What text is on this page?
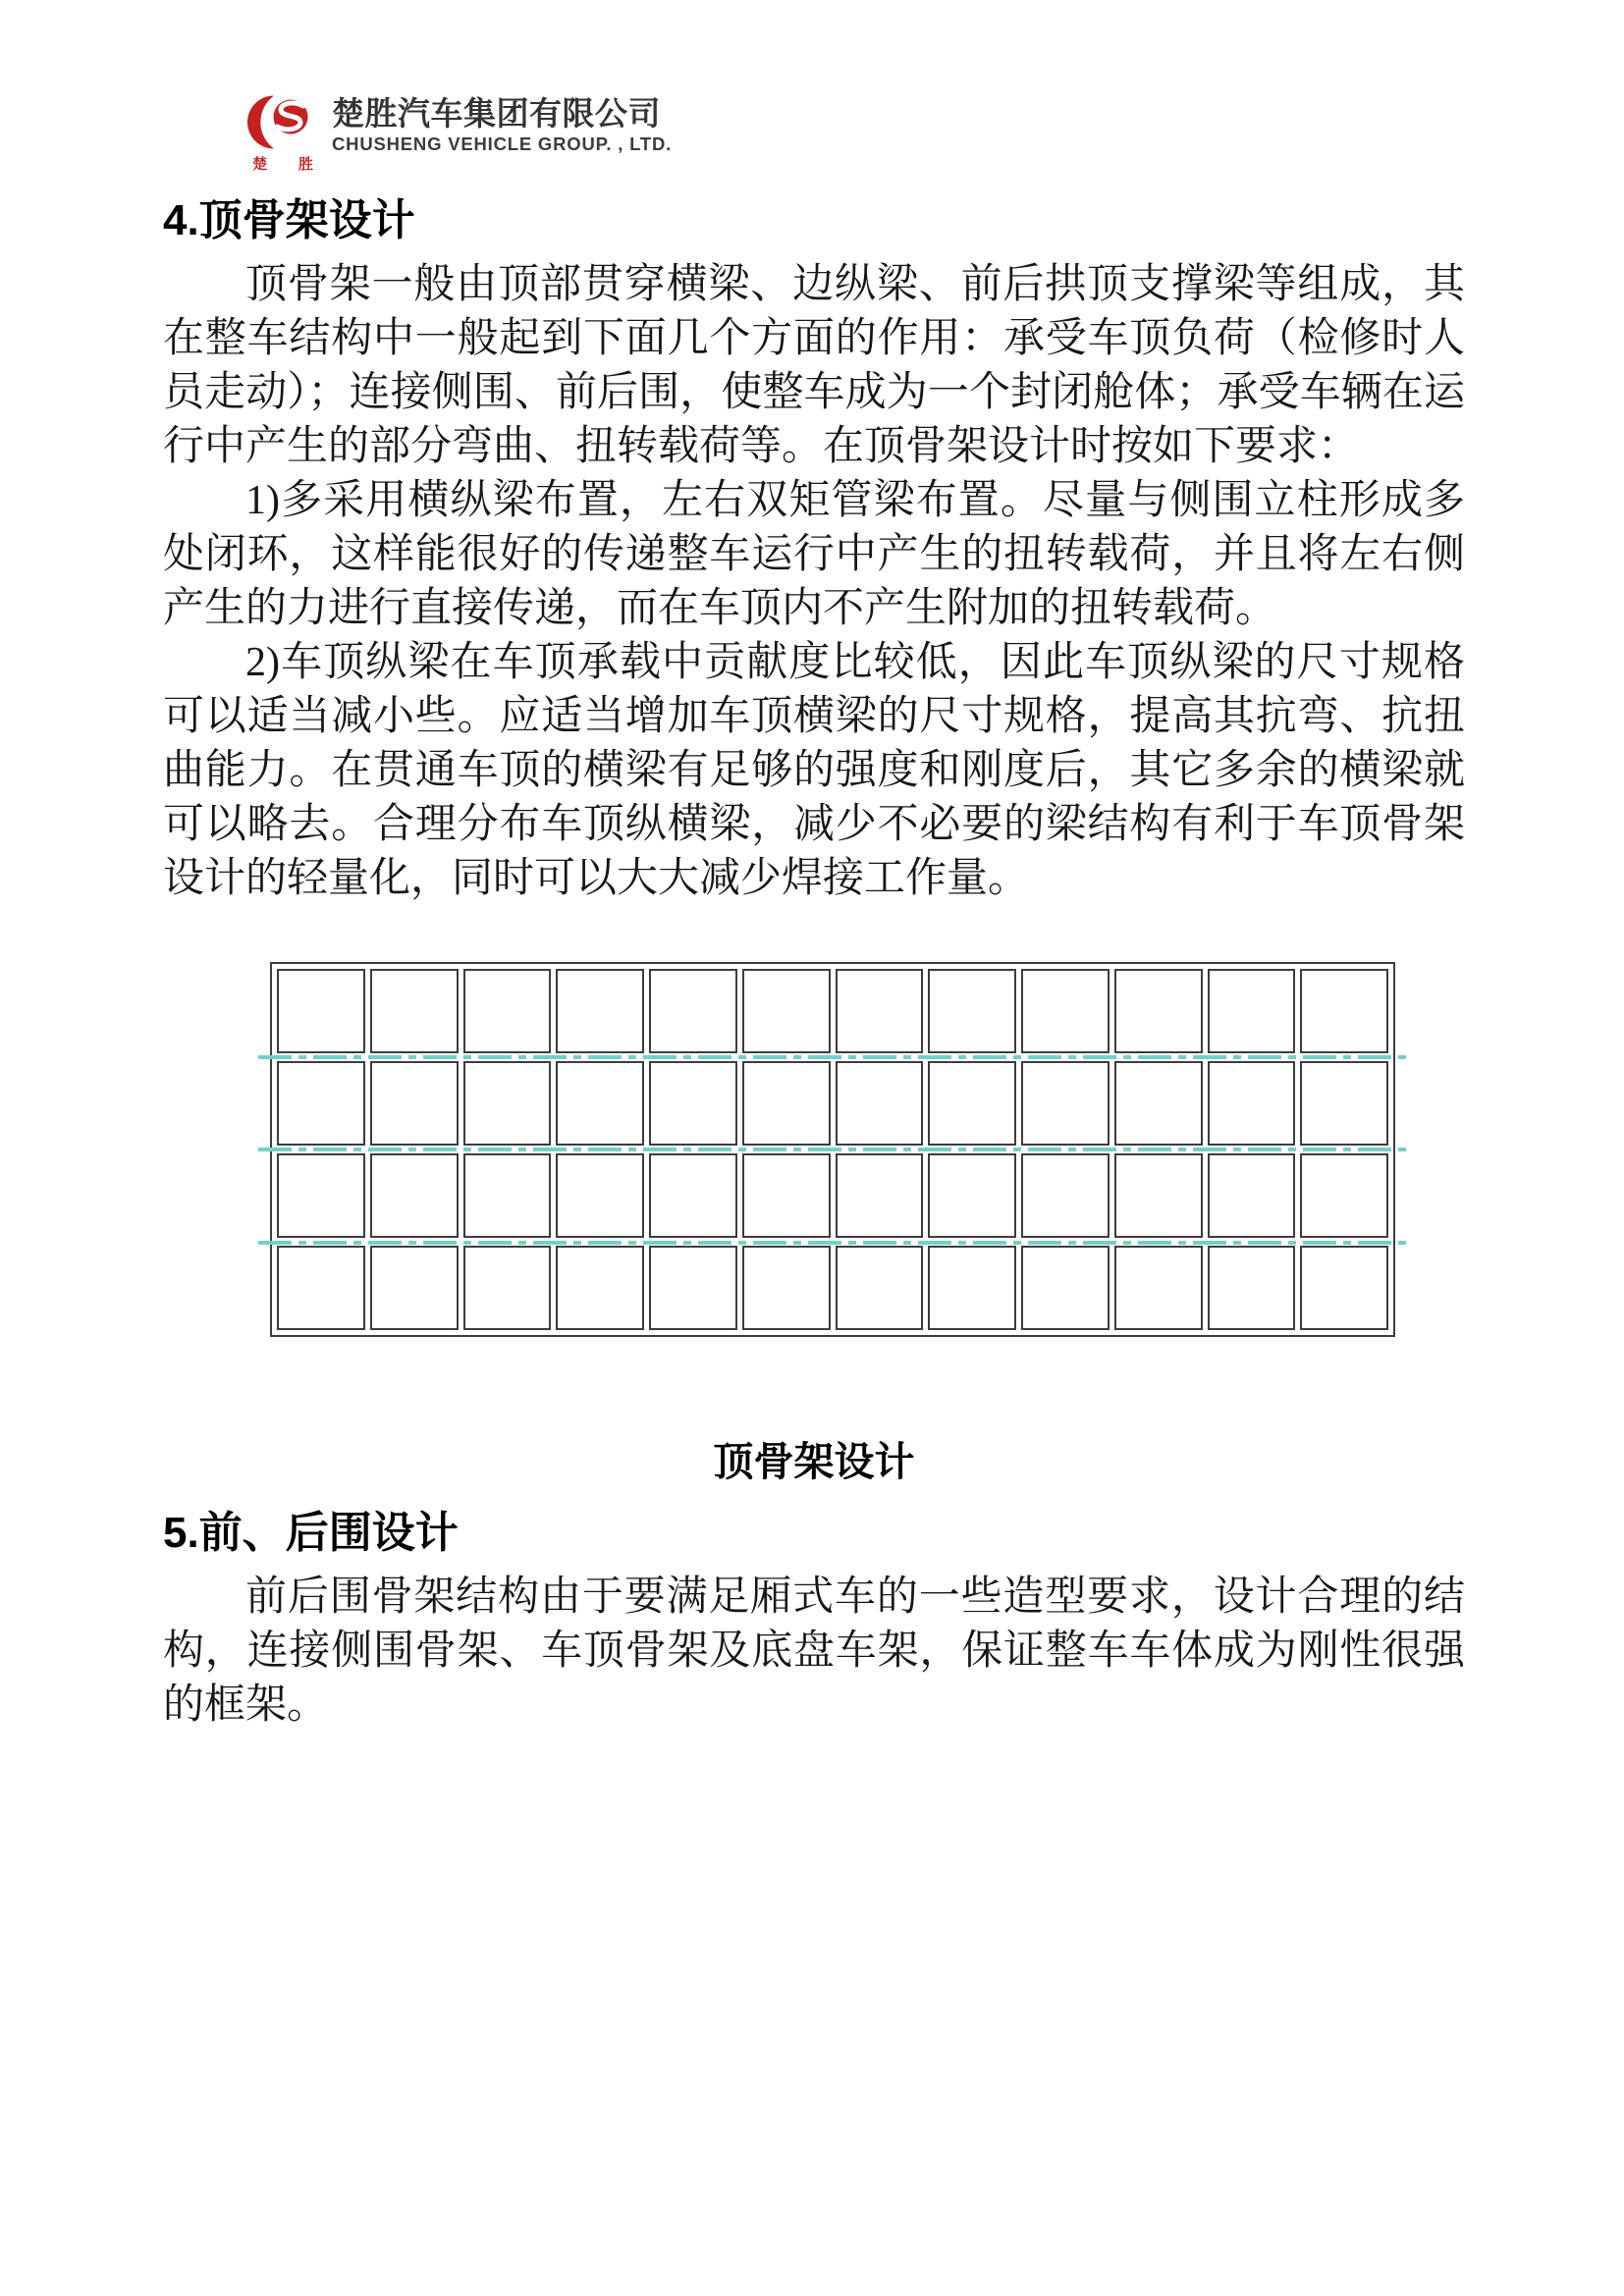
楚 胜
楚胜汽车集团有限公司
CHUSHENG VEHICLE GROUP. , LTD.
4.顶骨架设计

顶骨架一般由顶部贯穿横梁、边纵梁、前后拱顶支撑梁等组成，其在整车结构中一般起到下面几个方面的作用：承受车顶负荷（检修时人员走动）；连接侧围、前后围，使整车成为一个封闭舱体；承受车辆在运行中产生的部分弯曲、扭转载荷等。在顶骨架设计时按如下要求：

1)多采用横纵梁布置，左右双矩管梁布置。尽量与侧围立柱形成多处闭环，这样能很好的传递整车运行中产生的扭转载荷，并且将左右侧产生的力进行直接传递，而在车顶内不产生附加的扭转载荷。

2)车顶纵梁在车顶承载中贡献度比较低，因此车顶纵梁的尺寸规格可以适当减小些。应适当增加车顶横梁的尺寸规格，提高其抗弯、抗扭曲能力。在贯通车顶的横梁有足够的强度和刚度后，其它多余的横梁就可以略去。合理分布车顶纵横梁，减少不必要的梁结构有利于车顶骨架设计的轻量化，同时可以大大减少焊接工作量。

顶骨架设计
5.前、后围设计

前后围骨架结构由于要满足厢式车的一些造型要求，设计合理的结构，连接侧围骨架、车顶骨架及底盘车架，保证整车车体成为刚性很强的框架。
